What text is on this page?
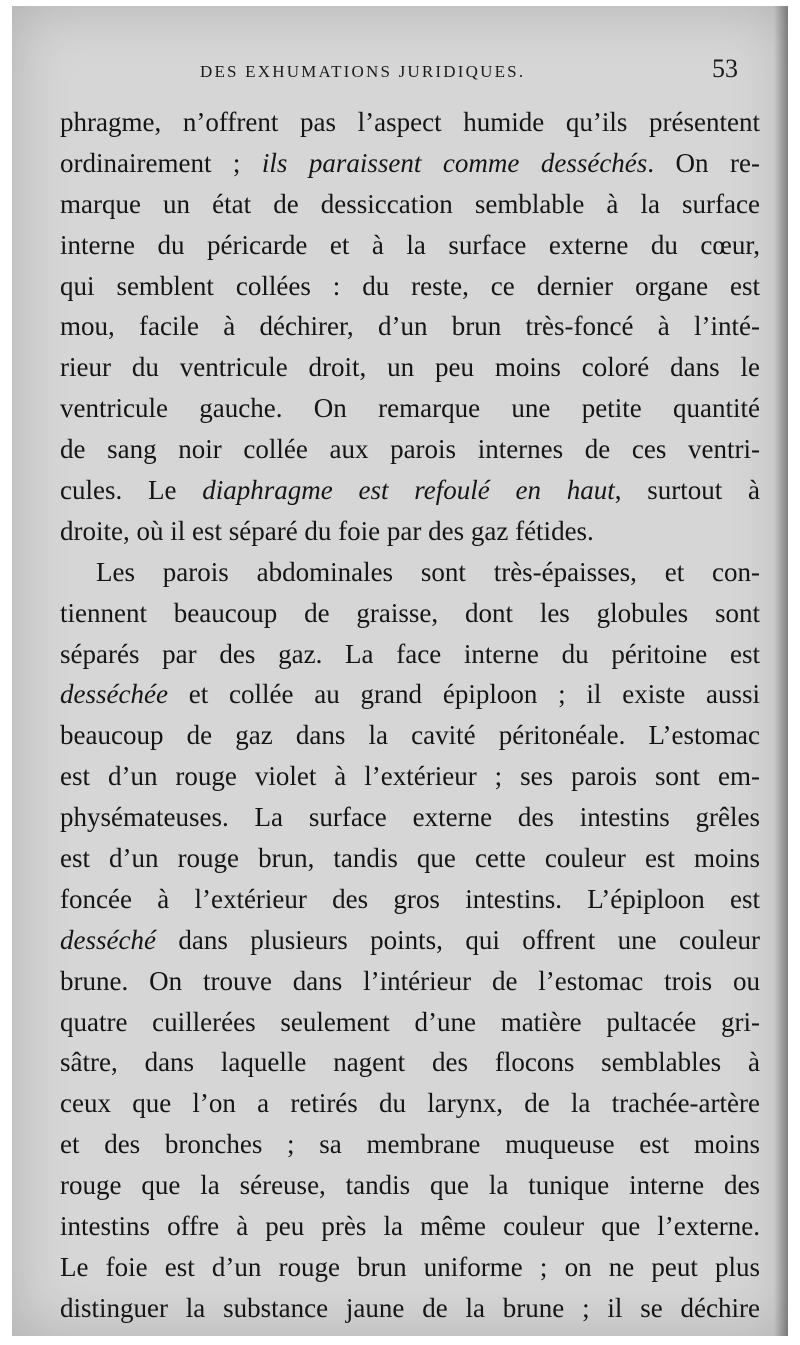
DES EXHUMATIONS JURIDIQUES.	53
phragme, n’offrent pas l’aspect humide qu’ils présentent
ordinairement ; ils paraissent comme desséchés. On re-
marque un état de dessiccation semblable à la surface
interne du péricarde et à la surface externe du cœur,
qui semblent collées : du reste, ce dernier organe est
mou, facile à déchirer, d’un brun très-foncé à l’inté-
rieur du ventricule droit, un peu moins coloré dans le
ventricule gauche. On remarque une petite quantité
de sang noir collée aux parois internes de ces ventri-
cules. Le diaphragme est refoulé en haut, surtout à
droite, où il est séparé du foie par des gaz fétides.
Les parois abdominales sont très-épaisses, et con-
tiennent beaucoup de graisse, dont les globules sont
séparés par des gaz. La face interne du péritoine est
desséchée et collée au grand épiploon ; il existe aussi
beaucoup de gaz dans la cavité péritonéale. L’estomac
est d’un rouge violet à l’extérieur ; ses parois sont em-
physémateuses. La surface externe des intestins grêles
est d’un rouge brun, tandis que cette couleur est moins
foncée à l’extérieur des gros intestins. L’épiploon est
desséché dans plusieurs points, qui offrent une couleur
brune. On trouve dans l’intérieur de l’estomac trois ou
quatre cuillerées seulement d’une matière pultacée gri-
sâtre, dans laquelle nagent des flocons semblables à
ceux que l’on a retirés du larynx, de la trachée-artère
et des bronches ; sa membrane muqueuse est moins
rouge que la séreuse, tandis que la tunique interne des
intestins offre à peu près la même couleur que l’externe.
Le foie est d’un rouge brun uniforme ; on ne peut plus
distinguer la substance jaune de la brune ; il se déchire
